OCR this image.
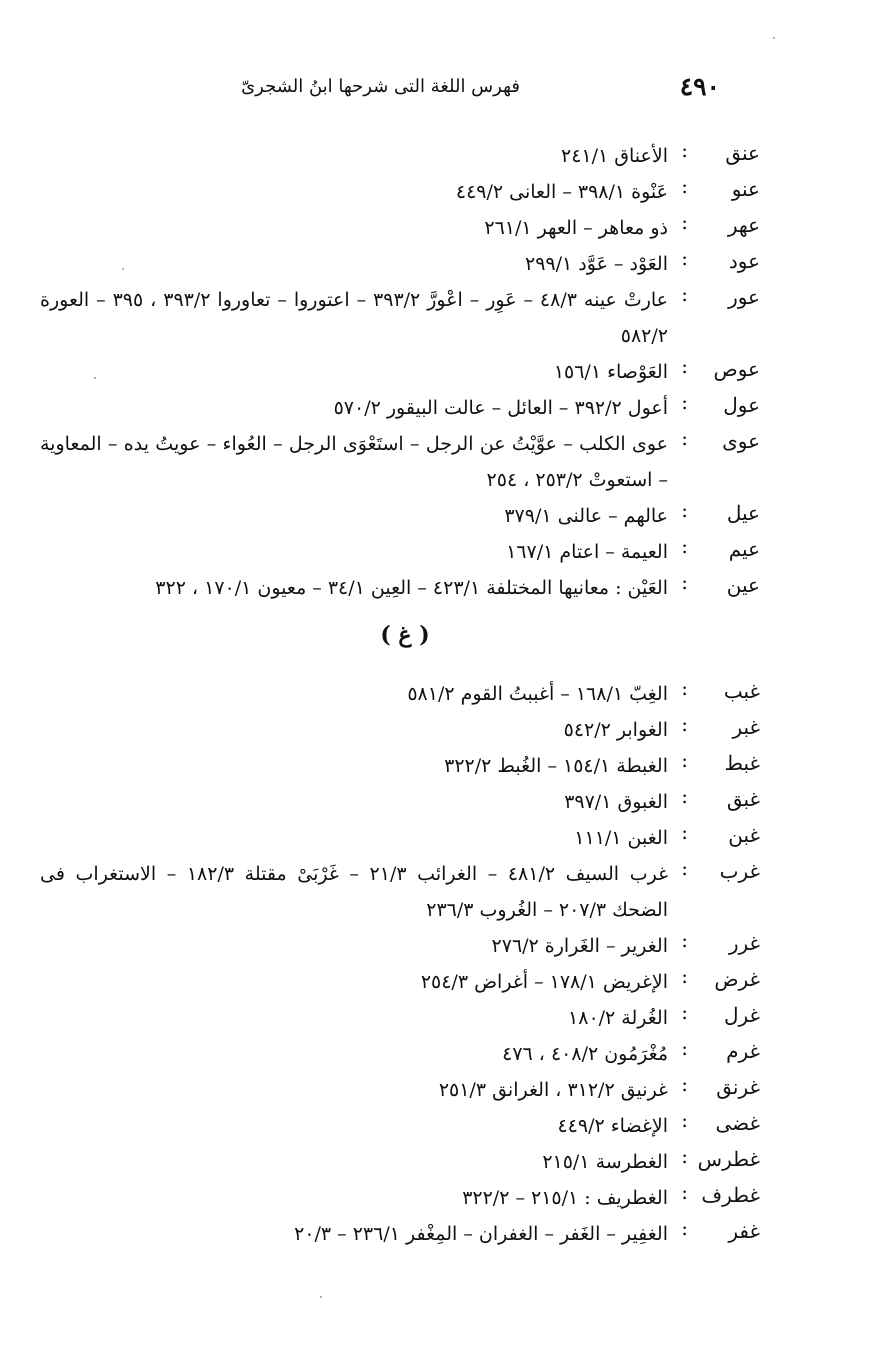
٤٩٠
فهرس اللغة التى شرحها ابنُ الشجرىّ
عنق
:
الأعناق ٢٤١/١
عنو
:
عَنْوة ٣٩٨/١ – العانى ٤٤٩/٢
عهر
:
ذو معاهر – العهر ٢٦١/١
عود
:
العَوْد – عَوَّد ٢٩٩/١
عور
:
عارتْ عينه ٤٨/٣ – عَوِر – اعْورَّ ٣٩٣/٢ – اعتوروا – تعاوروا ٣٩٣/٢ ، ٣٩٥ – العورة ٥٨٢/٢
عوص
:
العَوْصاء ١٥٦/١
عول
:
أعول ٣٩٢/٢ – العائل – عالت البيقور ٥٧٠/٢
عوى
:
عوى الكلب – عوَّيْتُ عن الرجل – استَعْوَى الرجل – العُواء – عويتُ يده – المعاوية – استعوتْ ٢٥٣/٢ ، ٢٥٤
عيل
:
عالهم – عالنى ٣٧٩/١
عيم
:
العيمة – اعتام ١٦٧/١
عين
:
العَيْن : معانيها المختلفة ٤٢٣/١ – العِين ٣٤/١ – معيون ١٧٠/١ ، ٣٢٢
( غ )
غبب
:
الغِبّ ١٦٨/١ – أغببتُ القوم ٥٨١/٢
غبر
:
الغوابر ٥٤٢/٢
غبط
:
الغبطة ١٥٤/١ – الغُبط ٣٢٢/٢
غبق
:
الغبوق ٣٩٧/١
غبن
:
الغبن ١١١/١
غرب
:
غرب السيف ٤٨١/٢ – الغرائب ٢١/٣ – غَرْبَىْ مقتلة ١٨٢/٣ – الاستغراب فى الضحك ٢٠٧/٣ – الغُروب ٢٣٦/٣
غرر
:
الغرير – الغَرارة ٢٧٦/٢
غرض
:
الإغريض ١٧٨/١ – أغراض ٢٥٤/٣
غرل
:
الغُرلة ١٨٠/٢
غرم
:
مُغْرَمُون ٤٠٨/٢ ، ٤٧٦
غرنق
:
غرنيق ٣١٢/٢ ، الغرانق ٢٥١/٣
غضى
:
الإغضاء ٤٤٩/٢
غطرس
:
الغطرسة ٢١٥/١
غطرف
:
الغطريف : ٢١٥/١ – ٣٢٢/٢
غفر
:
الغفِير – الغَفر – الغفران – المِغْفر ٢٣٦/١ – ٢٠/٣
